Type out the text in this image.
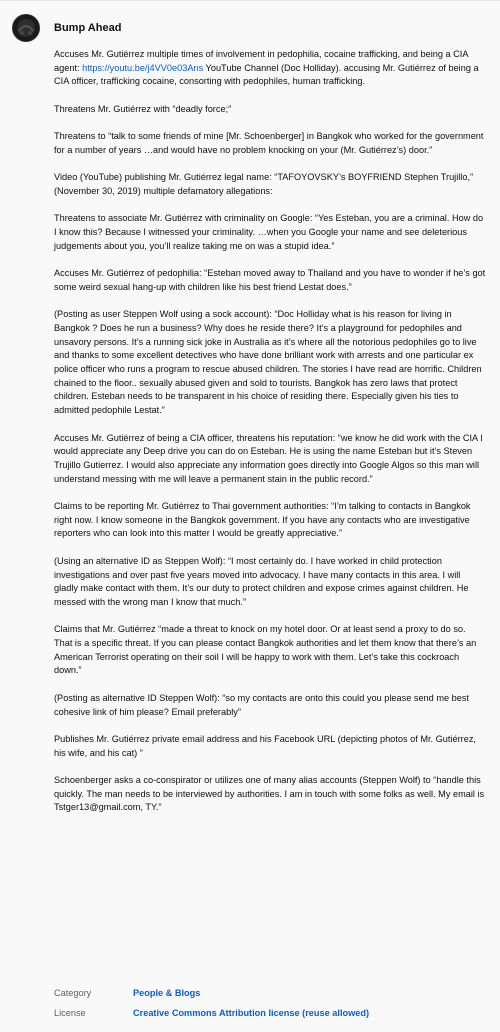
Bump Ahead

Accuses Mr. Gutiérrez multiple times of involvement in pedophilia, cocaine trafficking, and being a CIA agent: https://youtu.be/j4VV0e03Ans YouTube Channel (Doc Holliday). accusing Mr. Gutiérrez of being a CIA officer, trafficking cocaine, consorting with pedophiles, human trafficking.

Threatens Mr. Gutiérrez with “deadly force;”

Threatens to “talk to some friends of mine [Mr. Schoenberger] in Bangkok who worked for the government for a number of years …and would have no problem knocking on your (Mr. Gutiérrez’s) door.”

Video (YouTube) publishing Mr. Gutiérrez legal name: “TAFOYOVSKY’s BOYFRIEND Stephen Trujillo,” (November 30, 2019) multiple defamatory allegations:

Threatens to associate Mr. Gutiérrez with criminality on Google: “Yes Esteban, you are a criminal. How do I know this? Because I witnessed your criminality. …when you Google your name and see deleterious judgements about you, you’ll realize taking me on was a stupid idea.”

Accuses Mr. Gutiérrez of pedophilia: “Esteban moved away to Thailand and you have to wonder if he’s got some weird sexual hang-up with children like his best friend Lestat does.”

(Posting as user Steppen Wolf using a sock account): “Doc Holliday what is his reason for living in Bangkok ? Does he run a business? Why does he reside there? It’s a playground for pedophiles and unsavory persons. It’s a running sick joke in Australia as it’s where all the notorious pedophiles go to live and thanks to some excellent detectives who have done brilliant work with arrests and one particular ex police officer who runs a program to rescue abused children. The stories I have read are horrific. Children chained to the floor.. sexually abused given and sold to tourists. Bangkok has zero laws that protect children. Esteban needs to be transparent in his choice of residing there. Especially given his ties to admitted pedophile Lestat.”

Accuses Mr. Gutiérrez of being a CIA officer, threatens his reputation: “we know he did work with the CIA I would appreciate any Deep drive you can do on Esteban. He is using the name Esteban but it’s Steven Trujillo Gutierrez. I would also appreciate any information goes directly into Google Algos so this man will understand messing with me will leave a permanent stain in the public record.”

Claims to be reporting Mr. Gutiérrez to Thai government authorities: “I’m talking to contacts in Bangkok right now. I know someone in the Bangkok government. If you have any contacts who are investigative reporters who can look into this matter I would be greatly appreciative.”

(Using an alternative ID as Steppen Wolf): “I most certainly do. I have worked in child protection investigations and over past five years moved into advocacy. I have many contacts in this area. I will gladly make contact with them. It’s our duty to protect children and expose crimes against children. He messed with the wrong man I know that much.”

Claims that Mr. Gutiérrez “made a threat to knock on my hotel door. Or at least send a proxy to do so. That is a specific threat. If you can please contact Bangkok authorities and let them know that there’s an American Terrorist operating on their soil I will be happy to work with them. Let’s take this cockroach down.”

(Posting as alternative ID Steppen Wolf): “so my contacts are onto this could you please send me best cohesive link of him please? Email preferably”

Publishes Mr. Gutiérrez private email address and his Facebook URL (depicting photos of Mr. Gutiérrez, his wife, and his cat) ”

Schoenberger asks a co-conspirator or utilizes one of many alias accounts (Steppen Wolf) to “handle this quickly. The man needs to be interviewed by authorities. I am in touch with some folks as well. My email is Tstger13@gmail.com, TY.”

Category	People & Blogs
License	Creative Commons Attribution license (reuse allowed)
